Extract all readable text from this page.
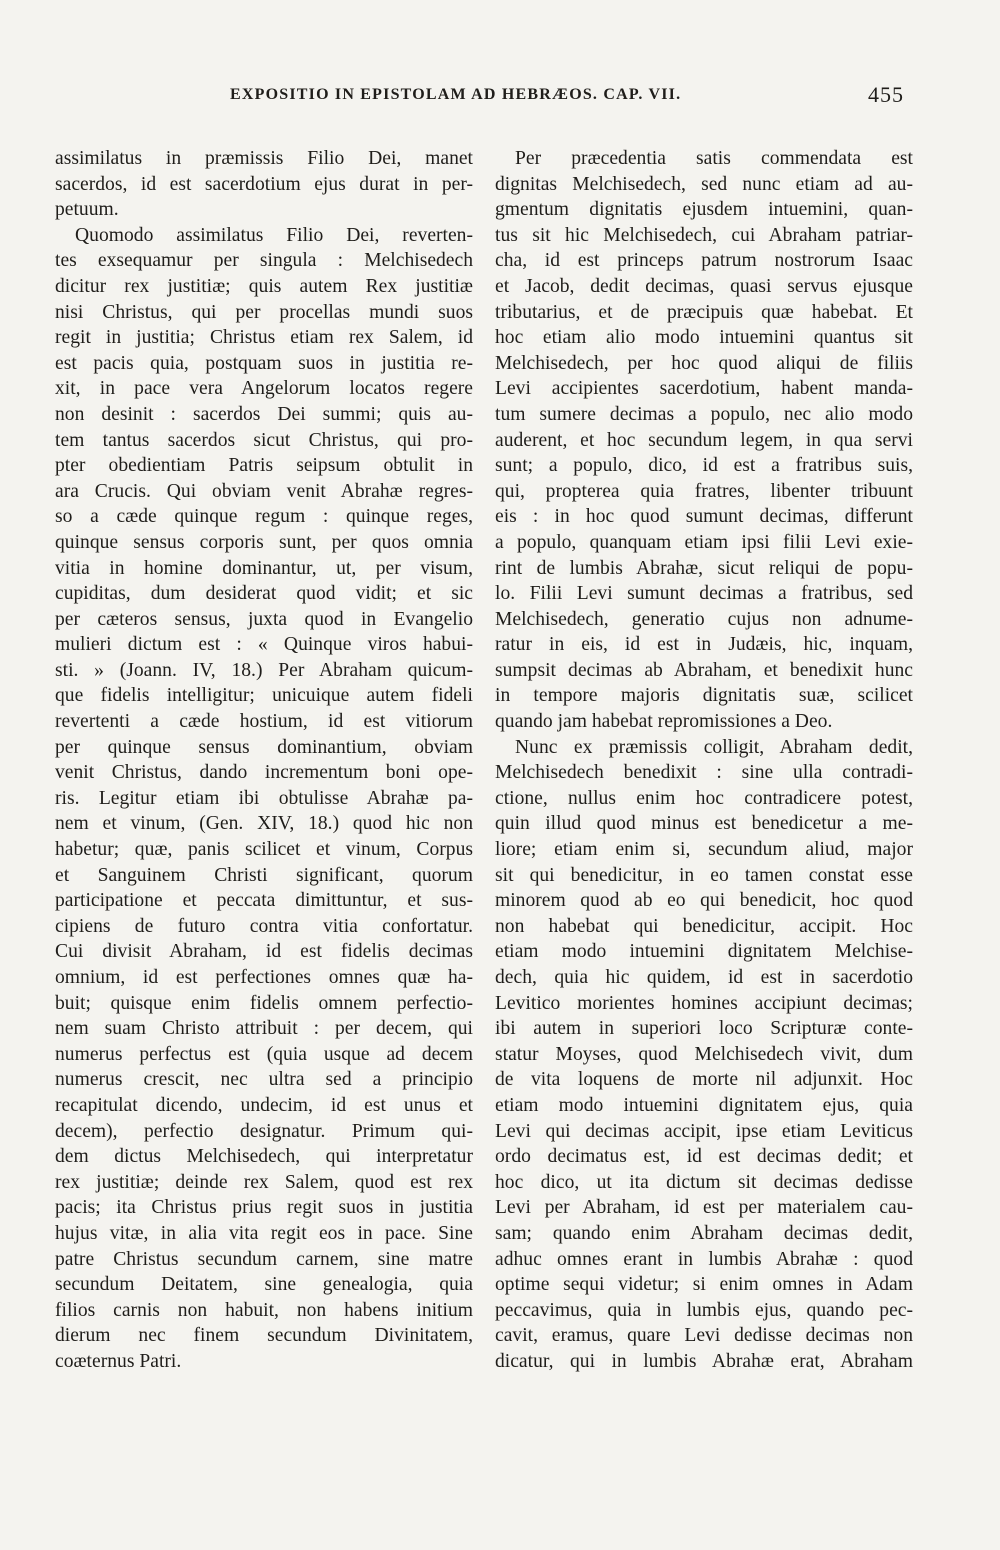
EXPOSITIO IN EPISTOLAM AD HEBRÆOS. CAP. VII.	455
assimilatus in præmissis Filio Dei, manet
sacerdos, id est sacerdotium ejus durat in per-
petuum.
Quomodo assimilatus Filio Dei, reverten-
tes exsequamur per singula : Melchisedech
dicitur rex justitiæ; quis autem Rex justitiæ
nisi Christus, qui per procellas mundi suos
regit in justitia; Christus etiam rex Salem, id
est pacis quia, postquam suos in justitia re-
xit, in pace vera Angelorum locatos regere
non desinit : sacerdos Dei summi; quis au-
tem tantus sacerdos sicut Christus, qui pro-
pter obedientiam Patris seipsum obtulit in
ara Crucis. Qui obviam venit Abrahæ regres-
so a cæde quinque regum : quinque reges,
quinque sensus corporis sunt, per quos omnia
vitia in homine dominantur, ut, per visum,
cupiditas, dum desiderat quod vidit; et sic
per cæteros sensus, juxta quod in Evangelio
mulieri dictum est : « Quinque viros habui-
sti. » (Joann. IV, 18.) Per Abraham quicum-
que fidelis intelligitur; unicuique autem fideli
revertenti a cæde hostium, id est vitiorum
per quinque sensus dominantium, obviam
venit Christus, dando incrementum boni ope-
ris. Legitur etiam ibi obtulisse Abrahæ pa-
nem et vinum, (Gen. XIV, 18.) quod hic non
habetur; quæ, panis scilicet et vinum, Corpus
et Sanguinem Christi significant, quorum
participatione et peccata dimittuntur, et sus-
cipiens de futuro contra vitia confortatur.
Cui divisit Abraham, id est fidelis decimas
omnium, id est perfectiones omnes quæ ha-
buit; quisque enim fidelis omnem perfectio-
nem suam Christo attribuit : per decem, qui
numerus perfectus est (quia usque ad decem
numerus crescit, nec ultra sed a principio
recapitulat dicendo, undecim, id est unus et
decem), perfectio designatur. Primum qui-
dem dictus Melchisedech, qui interpretatur
rex justitiæ; deinde rex Salem, quod est rex
pacis; ita Christus prius regit suos in justitia
hujus vitæ, in alia vita regit eos in pace. Sine
patre Christus secundum carnem, sine matre
secundum Deitatem, sine genealogia, quia
filios carnis non habuit, non habens initium
dierum nec finem secundum Divinitatem,
coæternus Patri.
Per præcedentia satis commendata est
dignitas Melchisedech, sed nunc etiam ad au-
gmentum dignitatis ejusdem intuemini, quan-
tus sit hic Melchisedech, cui Abraham patriar-
cha, id est princeps patrum nostrorum Isaac
et Jacob, dedit decimas, quasi servus ejusque
tributarius, et de præcipuis quæ habebat. Et
hoc etiam alio modo intuemini quantus sit
Melchisedech, per hoc quod aliqui de filiis
Levi accipientes sacerdotium, habent manda-
tum sumere decimas a populo, nec alio modo
auderent, et hoc secundum legem, in qua servi
sunt; a populo, dico, id est a fratribus suis,
qui, propterea quia fratres, libenter tribuunt
eis : in hoc quod sumunt decimas, differunt
a populo, quanquam etiam ipsi filii Levi exie-
rint de lumbis Abrahæ, sicut reliqui de popu-
lo. Filii Levi sumunt decimas a fratribus, sed
Melchisedech, generatio cujus non adnume-
ratur in eis, id est in Judæis, hic, inquam,
sumpsit decimas ab Abraham, et benedixit hunc
in tempore majoris dignitatis suæ, scilicet
quando jam habebat repromissiones a Deo.
Nunc ex præmissis colligit, Abraham dedit,
Melchisedech benedixit : sine ulla contradi-
ctione, nullus enim hoc contradicere potest,
quin illud quod minus est benedicetur a me-
liore; etiam enim si, secundum aliud, major
sit qui benedicitur, in eo tamen constat esse
minorem quod ab eo qui benedicit, hoc quod
non habebat qui benedicitur, accipit. Hoc
etiam modo intuemini dignitatem Melchise-
dech, quia hic quidem, id est in sacerdotio
Levitico morientes homines accipiunt decimas;
ibi autem in superiori loco Scripturæ conte-
statur Moyses, quod Melchisedech vivit, dum
de vita loquens de morte nil adjunxit. Hoc
etiam modo intuemini dignitatem ejus, quia
Levi qui decimas accipit, ipse etiam Leviticus
ordo decimatus est, id est decimas dedit; et
hoc dico, ut ita dictum sit decimas dedisse
Levi per Abraham, id est per materialem cau-
sam; quando enim Abraham decimas dedit,
adhuc omnes erant in lumbis Abrahæ : quod
optime sequi videtur; si enim omnes in Adam
peccavimus, quia in lumbis ejus, quando pec-
cavit, eramus, quare Levi dedisse decimas non
dicatur, qui in lumbis Abrahæ erat, Abraham
